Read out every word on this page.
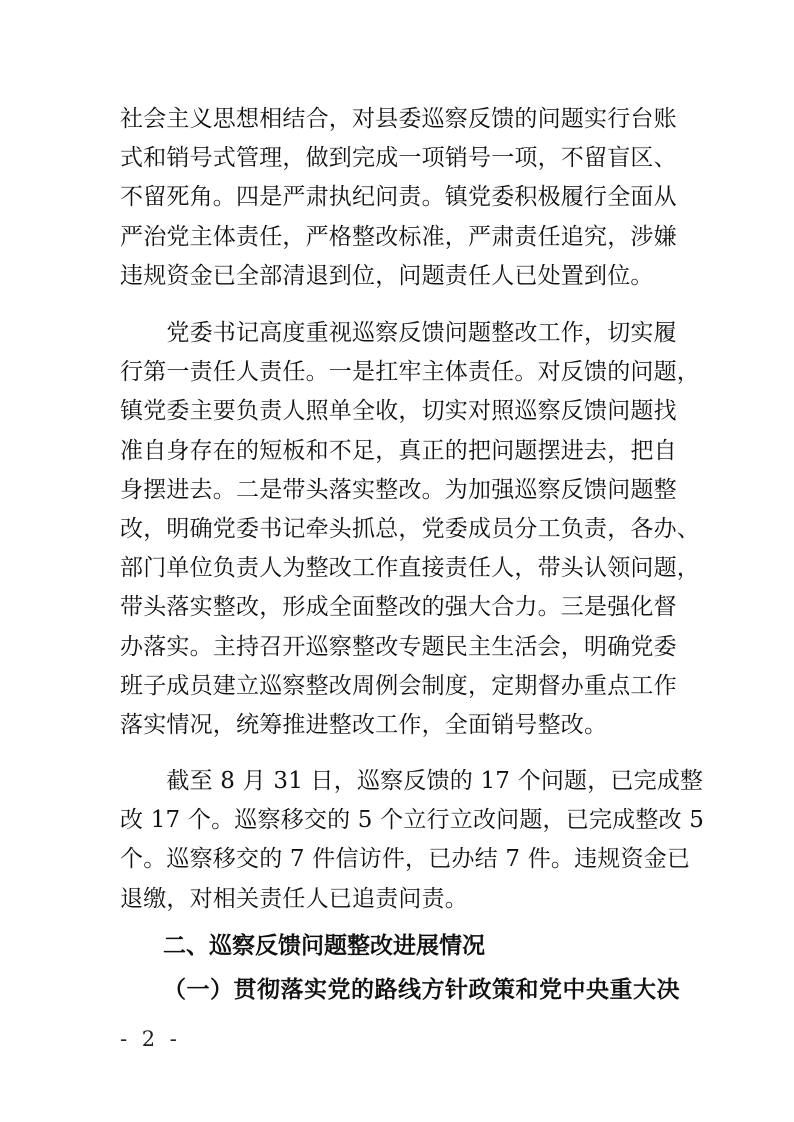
社会主义思想相结合，对县委巡察反馈的问题实行台账
式和销号式管理，做到完成一项销号一项，不留盲区、
不留死角。四是严肃执纪问责。镇党委积极履行全面从
严治党主体责任，严格整改标准，严肃责任追究，涉嫌
违规资金已全部清退到位，问题责任人已处置到位。
　　党委书记高度重视巡察反馈问题整改工作，切实履
行第一责任人责任。一是扛牢主体责任。对反馈的问题，
镇党委主要负责人照单全收，切实对照巡察反馈问题找
准自身存在的短板和不足，真正的把问题摆进去，把自
身摆进去。二是带头落实整改。为加强巡察反馈问题整
改，明确党委书记牵头抓总，党委成员分工负责，各办、
部门单位负责人为整改工作直接责任人，带头认领问题，
带头落实整改，形成全面整改的强大合力。三是强化督
办落实。主持召开巡察整改专题民主生活会，明确党委
班子成员建立巡察整改周例会制度，定期督办重点工作
落实情况，统筹推进整改工作，全面销号整改。
　　截至 8 月 31 日，巡察反馈的 17 个问题，已完成整
改 17 个。巡察移交的 5 个立行立改问题，已完成整改 5
个。巡察移交的 7 件信访件，已办结 7 件。违规资金已
退缴，对相关责任人已追责问责。
二、巡察反馈问题整改进展情况
（一）贯彻落实党的路线方针政策和党中央重大决
- 2 -
